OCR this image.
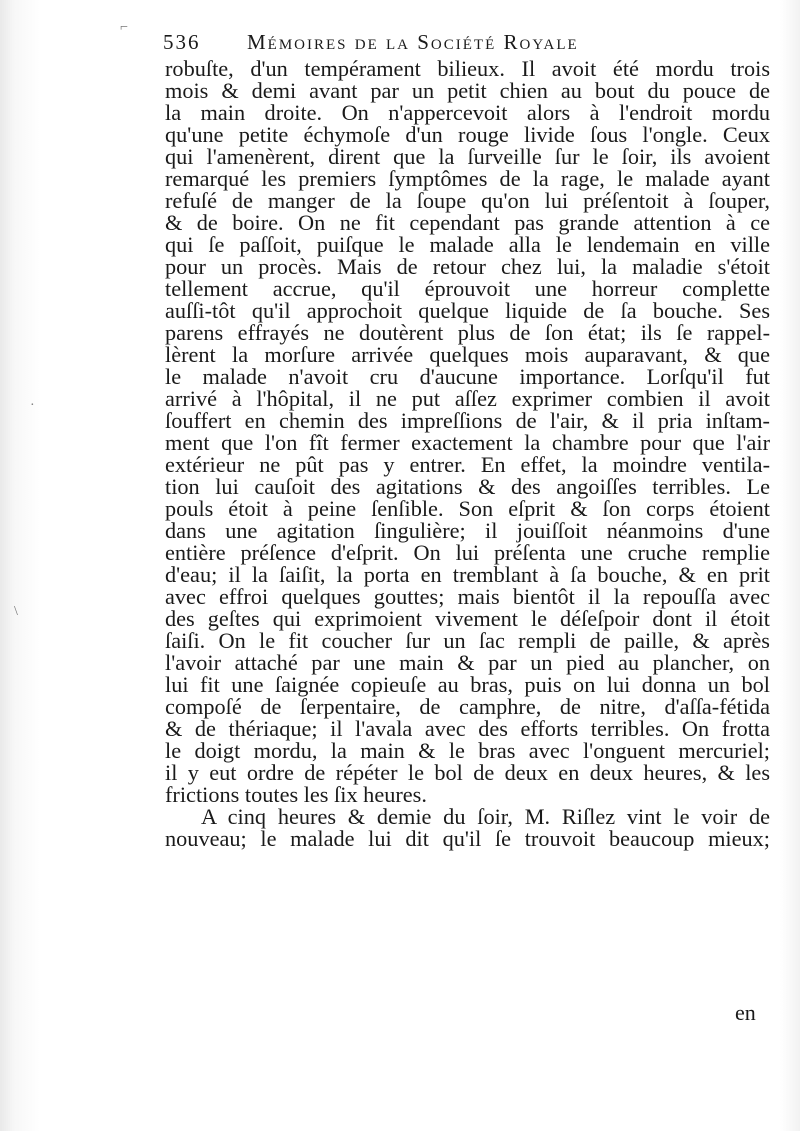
536 Mémoires de la Société Royale
robuſte, d'un tempérament bilieux. Il avoit été mordu trois
mois & demi avant par un petit chien au bout du pouce de
la main droite. On n'appercevoit alors à l'endroit mordu
qu'une petite échymoſe d'un rouge livide ſous l'ongle. Ceux
qui l'amenèrent, dirent que la ſurveille ſur le ſoir, ils avoient
remarqué les premiers ſymptômes de la rage, le malade ayant
refuſé de manger de la ſoupe qu'on lui préſentoit à ſouper,
& de boire. On ne fit cependant pas grande attention à ce
qui ſe paſſoit, puiſque le malade alla le lendemain en ville
pour un procès. Mais de retour chez lui, la maladie s'étoit
tellement accrue, qu'il éprouvoit une horreur complette
auſſi-tôt qu'il approchoit quelque liquide de ſa bouche. Ses
parens effrayés ne doutèrent plus de ſon état; ils ſe rappel-
lèrent la morſure arrivée quelques mois auparavant, & que
le malade n'avoit cru d'aucune importance. Lorſqu'il fut
arrivé à l'hôpital, il ne put aſſez exprimer combien il avoit
ſouffert en chemin des impreſſions de l'air, & il pria inſtam-
ment que l'on fît fermer exactement la chambre pour que l'air
extérieur ne pût pas y entrer. En effet, la moindre ventila-
tion lui cauſoit des agitations & des angoiſſes terribles. Le
pouls étoit à peine ſenſible. Son eſprit & ſon corps étoient
dans une agitation ſingulière; il jouiſſoit néanmoins d'une
entière préſence d'eſprit. On lui préſenta une cruche remplie
d'eau; il la ſaiſit, la porta en tremblant à ſa bouche, & en prit
avec effroi quelques gouttes; mais bientôt il la repouſſa avec
des geſtes qui exprimoient vivement le déſeſpoir dont il étoit
ſaiſi. On le fit coucher ſur un ſac rempli de paille, & après
l'avoir attaché par une main & par un pied au plancher, on
lui fit une ſaignée copieuſe au bras, puis on lui donna un bol
compoſé de ſerpentaire, de camphre, de nitre, d'aſſa-fétida
& de thériaque; il l'avala avec des efforts terribles. On frotta
le doigt mordu, la main & le bras avec l'onguent mercuriel;
il y eut ordre de répéter le bol de deux en deux heures, & les
frictions toutes les ſix heures.
A cinq heures & demie du ſoir, M. Riſlez vint le voir de
nouveau; le malade lui dit qu'il ſe trouvoit beaucoup mieux;
en
⌐
·
\
